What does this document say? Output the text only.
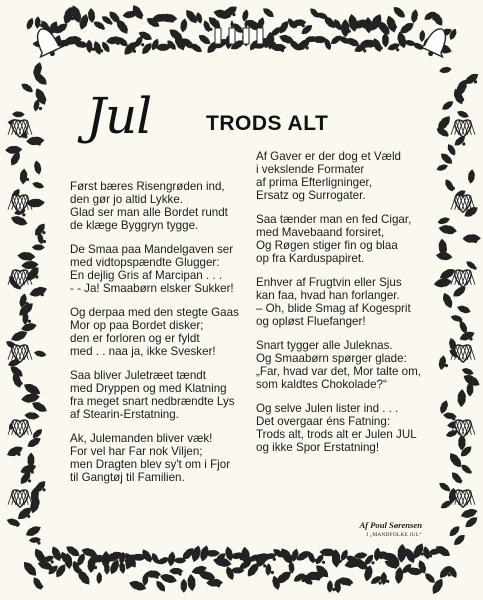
Jul	TRODS ALT
Først bæres Risengrøden ind,
den gør jo altid Lykke.
Glad ser man alle Bordet rundt
de klæge Byggryn tygge.
De Smaa paa Mandelgaven ser
med vidtopspændte Glugger:
En dejlig Gris af Marcipan . . .
- - Ja! Smaabørn elsker Sukker!
Og derpaa med den stegte Gaas
Mor op paa Bordet disker;
den er forloren og er fyldt
med . . naa ja, ikke Svesker!
Saa bliver Juletræet tændt
med Dryppen og med Klatning
fra meget snart nedbrændte Lys
af Stearin-Erstatning.
Ak, Julemanden bliver væk!
For vel har Far nok Viljen;
men Dragten blev sy't om i Fjor
til Gangtøj til Familien.
Af Gaver er der dog et Væld
i vekslende Formater
af prima Efterligninger,
Ersatz og Surrogater.
Saa tænder man en fed Cigar,
med Mavebaand forsiret,
Og Røgen stiger fin og blaa
op fra Karduspapiret.
Enhver af Frugtvin eller Sjus
kan faa, hvad han forlanger.
– Oh, blide Smag af Kogesprit
og opløst Fluefanger!
Snart tygger alle Juleknas.
Og Smaabørn spørger glade:
„Far, hvad var det, Mor talte om,
som kaldtes Chokolade?“
Og selve Julen lister ind . . .
Det overgaar éns Fatning:
Trods alt, trods alt er Julen JUL
og ikke Spor Erstatning!
Af Poul Sørensen
I „MANDFOLKE JUL“
